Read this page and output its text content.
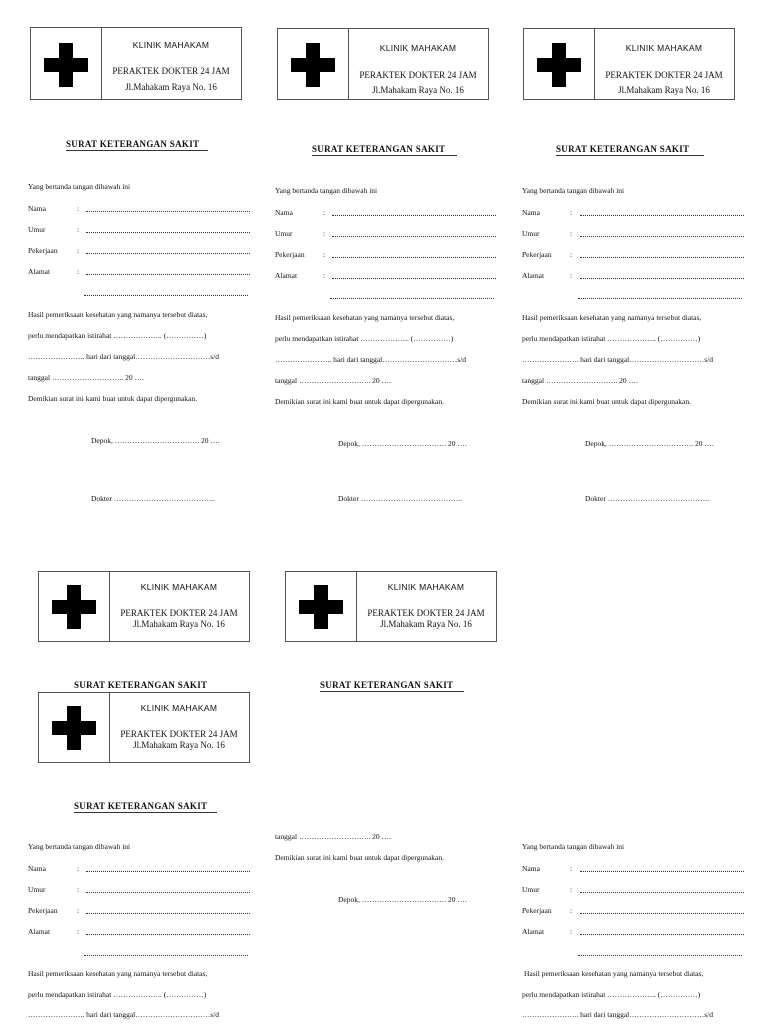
KLINIK MAHAKAM
PERAKTEK DOKTER 24 JAM
Jl.Mahakam Raya No. 16
KLINIK MAHAKAM
PERAKTEK DOKTER 24 JAM
Jl.Mahakam Raya No. 16
KLINIK MAHAKAM
PERAKTEK DOKTER 24 JAM
Jl.Mahakam Raya No. 16
SURAT KETERANGAN SAKIT	SURAT KETERANGAN SAKIT	SURAT KETERANGAN SAKIT
Yang bertanda tangan dibawah ini
Nama	:
Umur	:
Pekerjaan	:
Alamat	:
Hasil pemeriksaan kesehatan yang namanya tersebut diatas,
perlu mendapatkan istirahat ……………….. (……………)
………………….. hari dari tanggal…………………………s/d
tanggal ……………………….. 20 ….
Demikian surat ini kami buat untuk dapat dipergunakan.
Depok, ……………………………. 20 ….
Dokter …………………………………..
Yang bertanda tangan dibawah ini
Nama	:
Umur	:
Pekerjaan :
Alamat	:
Hasil pemeriksaan kesehatan yang namanya tersebut diatas,
perlu mendapatkan istirahat ……………….. (……………)
………………….. hari dari tanggal…………………………s/d
tanggal ……………………….. 20 ….
Demikian surat ini kami buat untuk dapat dipergunakan.
Depok, ……………………………. 20 ….
Dokter …………………………………..
Yang bertanda tangan dibawah ini
Nama	:
Umur	:
Pekerjaan :
Alamat	:
Hasil pemeriksaan kesehatan yang namanya tersebut diatas,
perlu mendapatkan istirahat ……………….. (……………)
………………….. hari dari tanggal…………………………s/d
tanggal ……………………….. 20 ….
Demikian surat ini kami buat untuk dapat dipergunakan.
Depok, ……………………………. 20 ….
Dokter …………………………………..
KLINIK MAHAKAM
PERAKTEK DOKTER 24 JAM
Jl.Mahakam Raya No. 16
KLINIK MAHAKAM
PERAKTEK DOKTER 24 JAM
Jl.Mahakam Raya No. 16
SURAT KETERANGAN SAKIT	SURAT KETERANGAN SAKIT
KLINIK MAHAKAM
PERAKTEK DOKTER 24 JAM
Jl.Mahakam Raya No. 16
SURAT KETERANGAN SAKIT
Yang bertanda tangan dibawah ini
Nama	:
Umur	:
Pekerjaan	:
Alamat	:
Hasil pemeriksaan kesehatan yang namanya tersebut diatas,
perlu mendapatkan istirahat ……………….. (……………)
………………….. hari dari tanggal…………………………s/d
tanggal ……………………….. 20 ….
Demikian surat ini kami buat untuk dapat dipergunakan.
Depok, ……………………………. 20 ….
Yang bertanda tangan dibawah ini
Nama	:
Umur	:
Pekerjaan :
Alamat	:
Hasil pemeriksaan kesehatan yang namanya tersebut diatas,
perlu mendapatkan istirahat ……………….. (……………)
………………….. hari dari tanggal…………………………s/d
